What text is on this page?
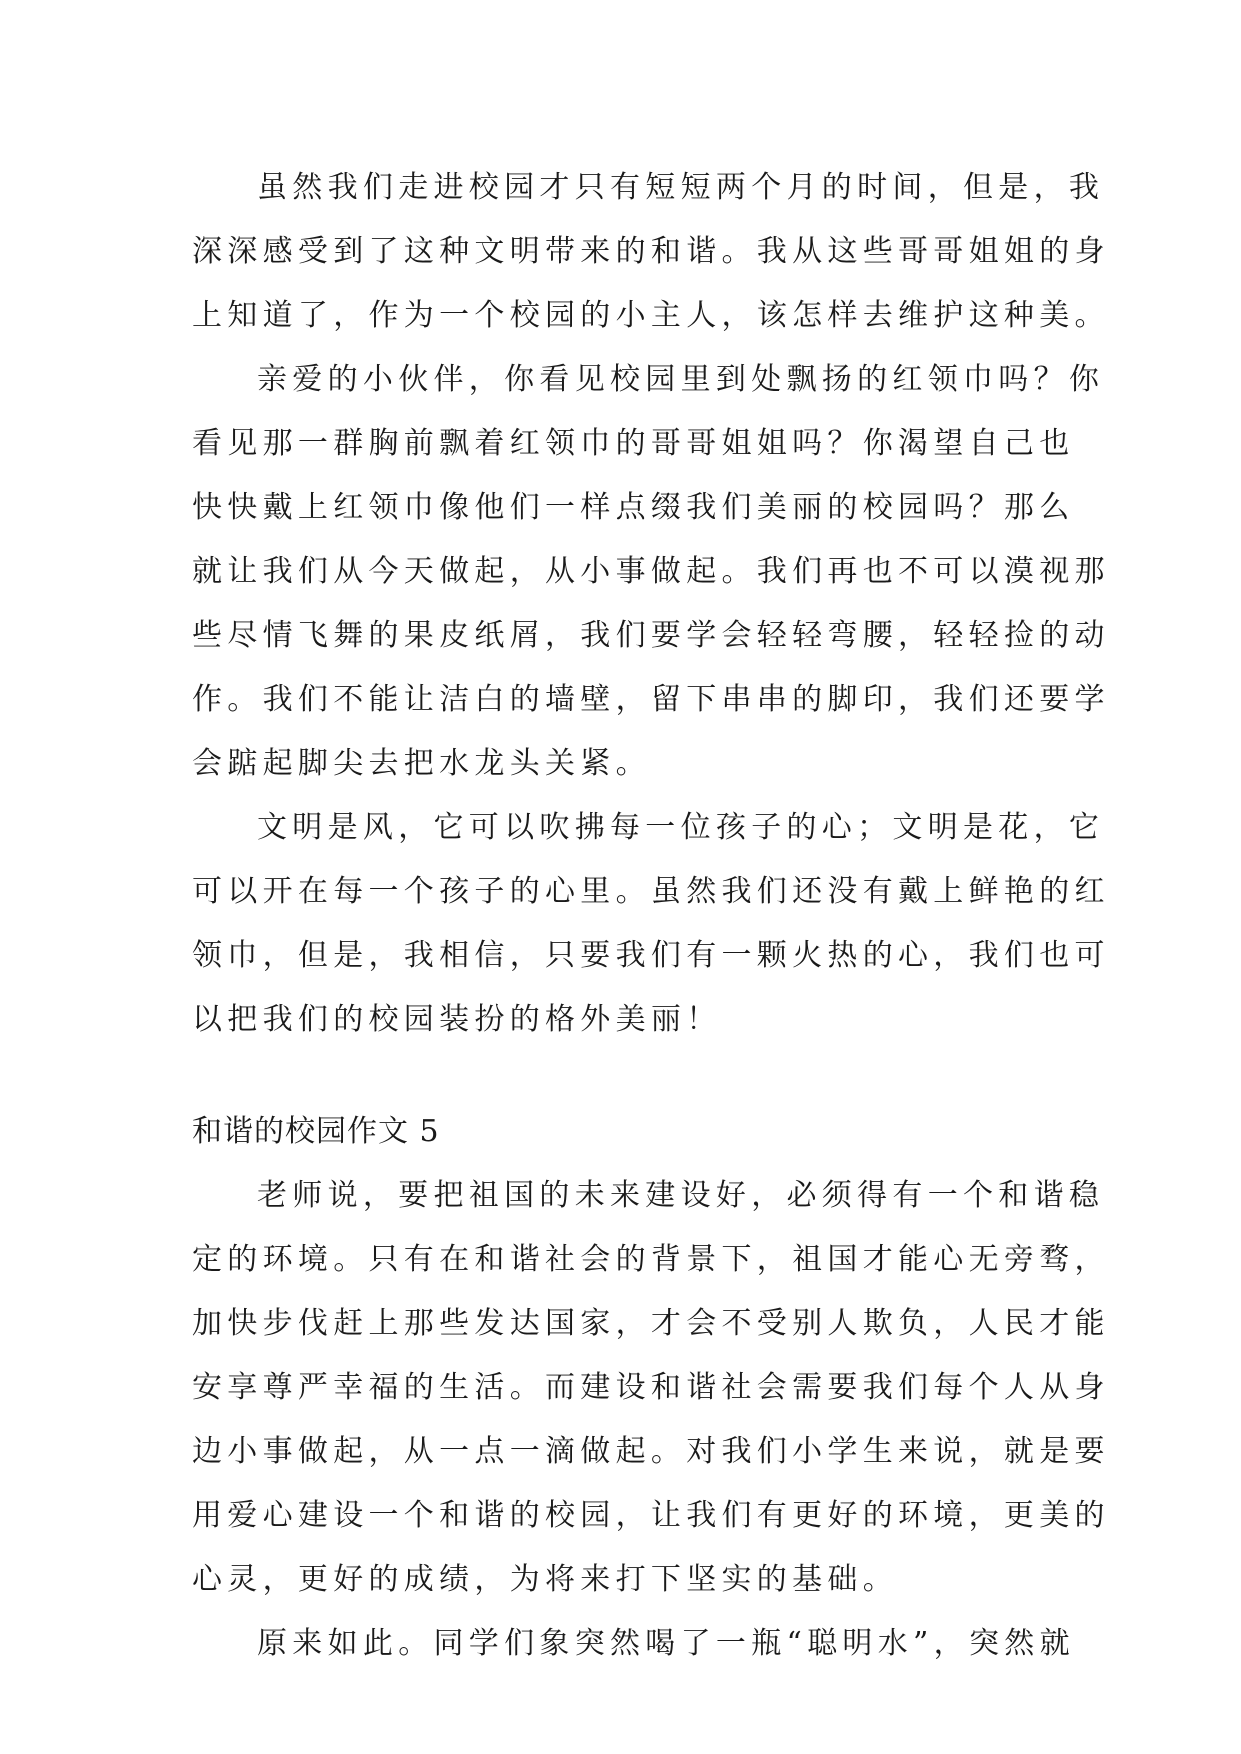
虽然我们走进校园才只有短短两个月的时间，但是，我
深深感受到了这种文明带来的和谐。我从这些哥哥姐姐的身
上知道了，作为一个校园的小主人，该怎样去维护这种美。
亲爱的小伙伴，你看见校园里到处飘扬的红领巾吗？你
看见那一群胸前飘着红领巾的哥哥姐姐吗？你渴望自己也
快快戴上红领巾像他们一样点缀我们美丽的校园吗？那么
就让我们从今天做起，从小事做起。我们再也不可以漠视那
些尽情飞舞的果皮纸屑，我们要学会轻轻弯腰，轻轻捡的动
作。我们不能让洁白的墙壁，留下串串的脚印，我们还要学
会踮起脚尖去把水龙头关紧。
文明是风，它可以吹拂每一位孩子的心；文明是花，它
可以开在每一个孩子的心里。虽然我们还没有戴上鲜艳的红
领巾，但是，我相信，只要我们有一颗火热的心，我们也可
以把我们的校园装扮的格外美丽！
和谐的校园作文 5
老师说，要把祖国的未来建设好，必须得有一个和谐稳
定的环境。只有在和谐社会的背景下，祖国才能心无旁骛，
加快步伐赶上那些发达国家，才会不受别人欺负，人民才能
安享尊严幸福的生活。而建设和谐社会需要我们每个人从身
边小事做起，从一点一滴做起。对我们小学生来说，就是要
用爱心建设一个和谐的校园，让我们有更好的环境，更美的
心灵，更好的成绩，为将来打下坚实的基础。
原来如此。同学们象突然喝了一瓶“聪明水”，突然就
